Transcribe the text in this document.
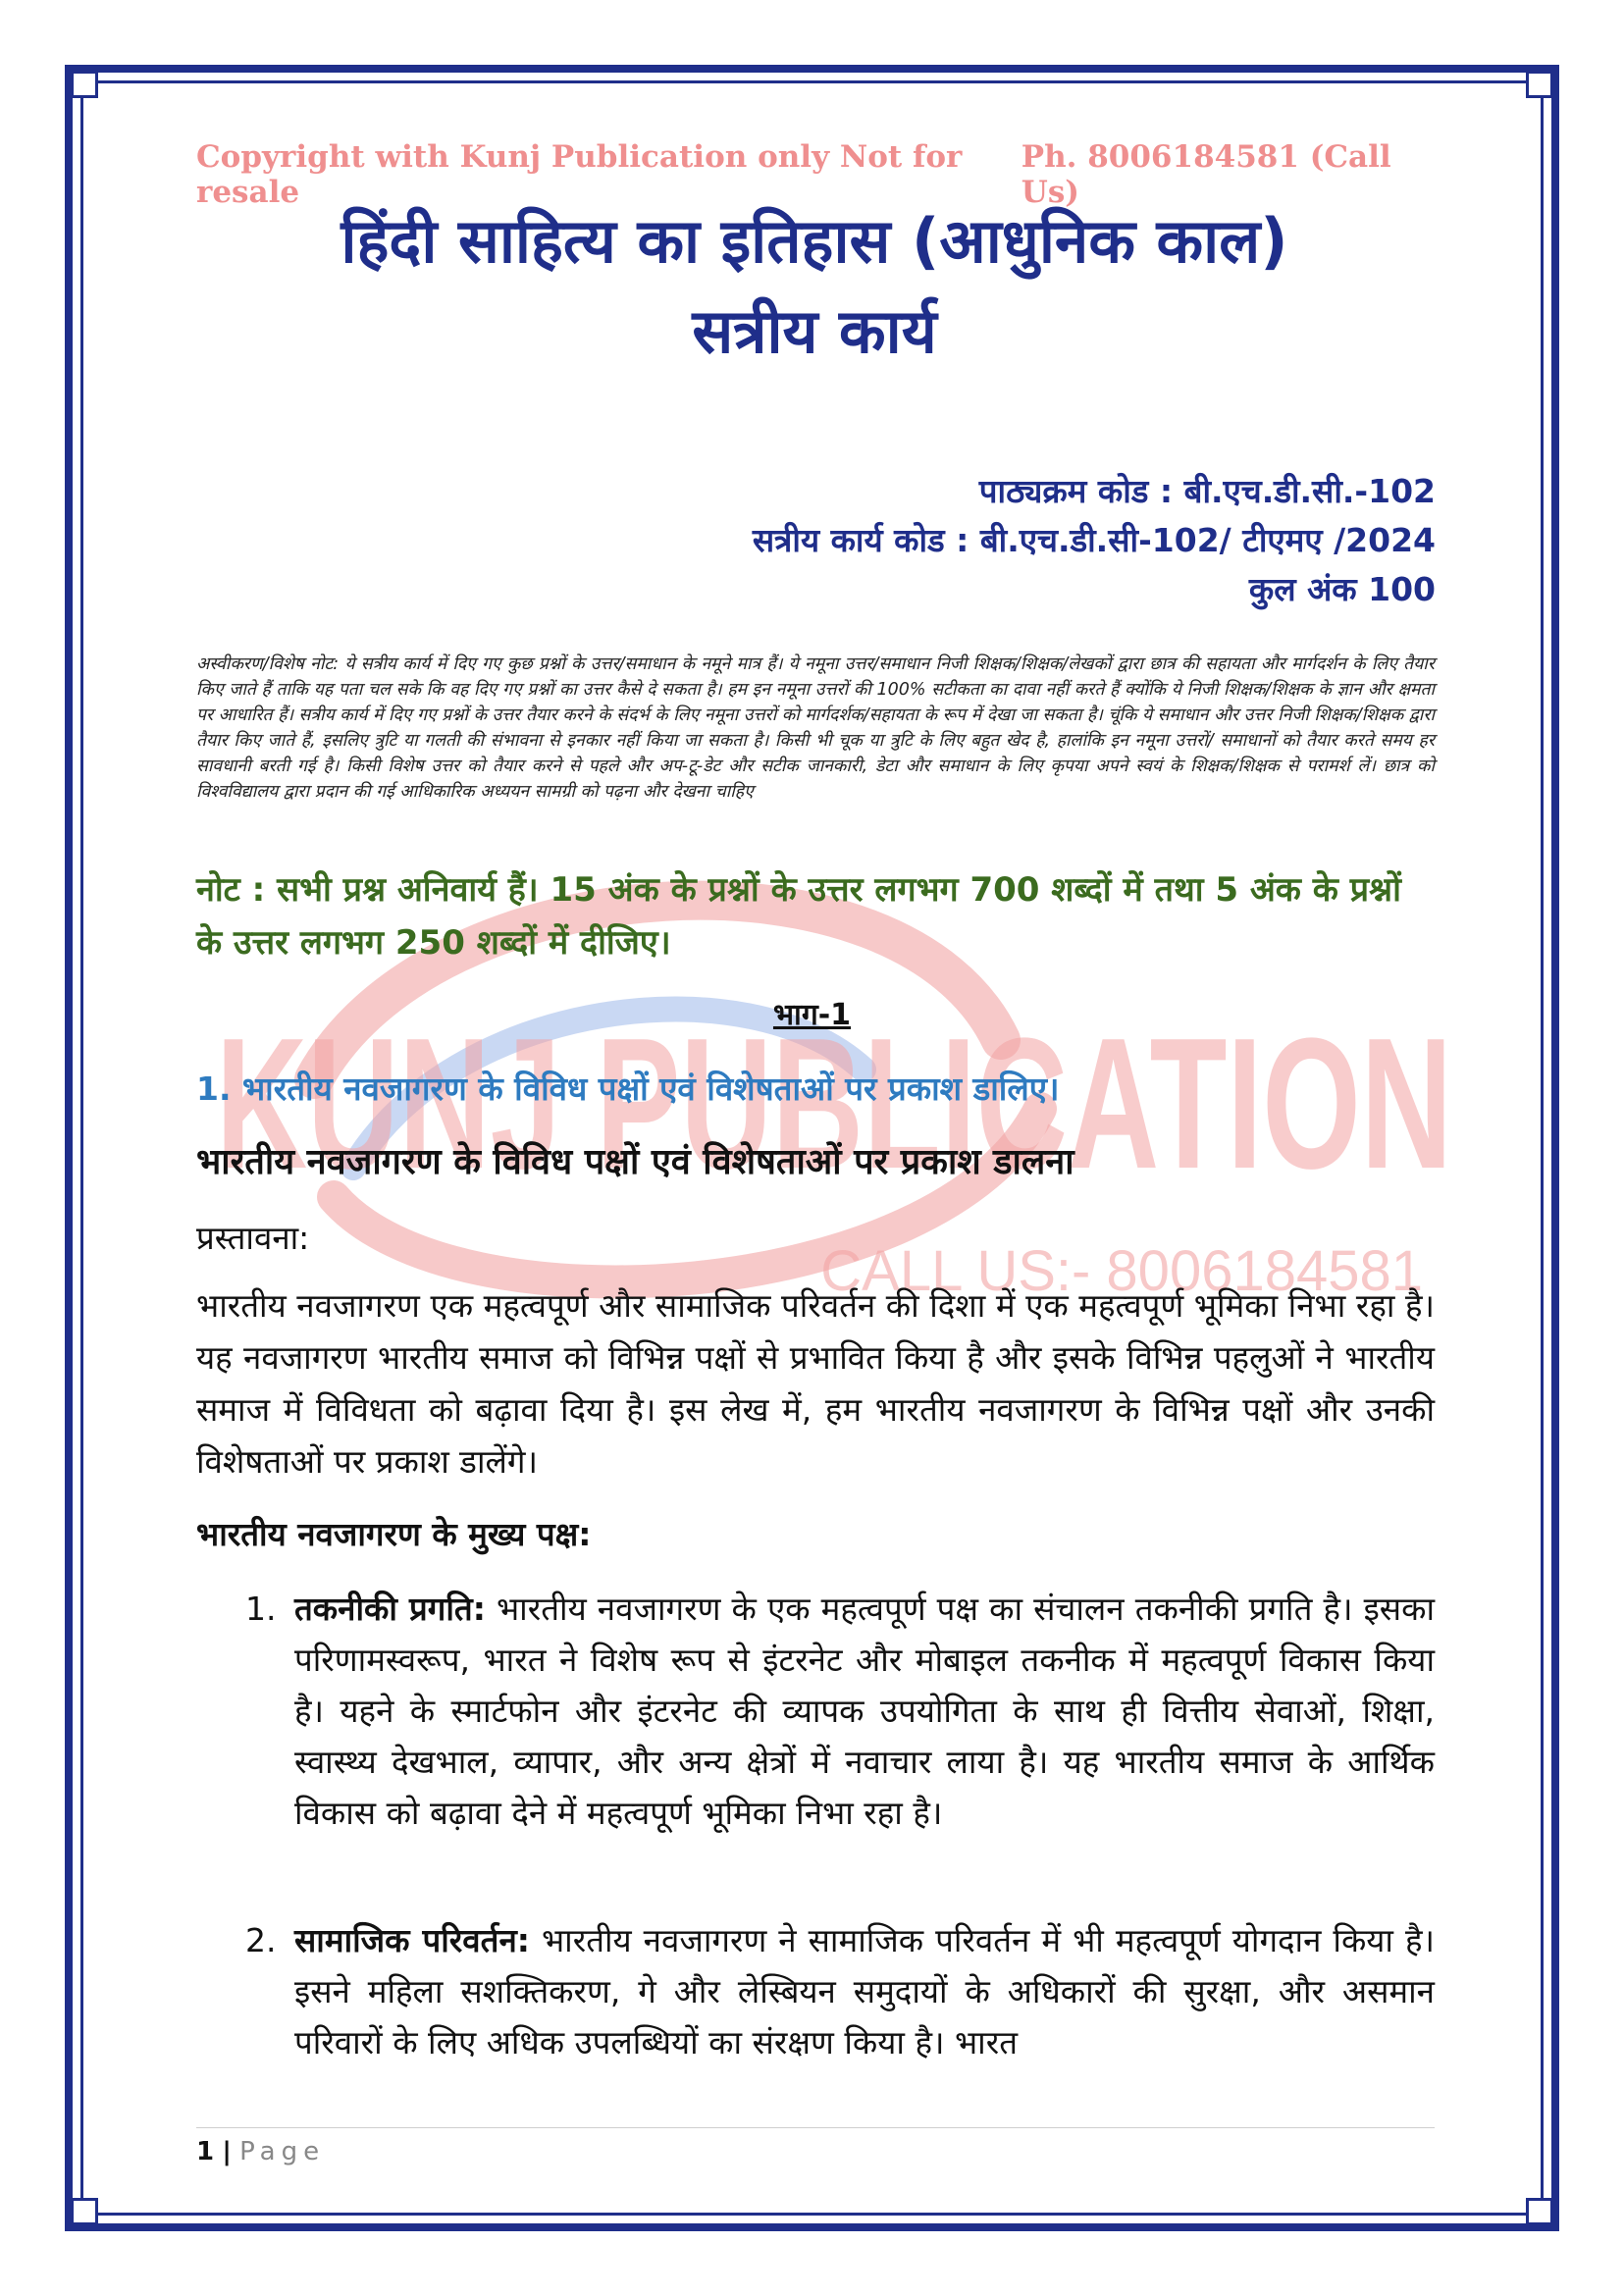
KUNJ PUBLICATION
CALL US:- 8006184581
Copyright with Kunj Publication only Not for resale
Ph. 8006184581 (Call Us)
हिंदी साहित्य का इतिहास (आधुनिक काल)
सत्रीय कार्य
पाठ्यक्रम कोड : बी.एच.डी.सी.-102
सत्रीय कार्य कोड : बी.एच.डी.सी-102/ टीएमए /2024
कुल अंक 100
अस्वीकरण/विशेष नोट: ये सत्रीय कार्य में दिए गए कुछ प्रश्नों के उत्तर/समाधान के नमूने मात्र हैं। ये नमूना उत्तर/समाधान निजी शिक्षक/शिक्षक/लेखकों द्वारा छात्र की सहायता और मार्गदर्शन के लिए तैयार किए जाते हैं ताकि यह पता चल सके कि वह दिए गए प्रश्नों का उत्तर कैसे दे सकता है। हम इन नमूना उत्तरों की 100% सटीकता का दावा नहीं करते हैं क्योंकि ये निजी शिक्षक/शिक्षक के ज्ञान और क्षमता पर आधारित हैं। सत्रीय कार्य में दिए गए प्रश्नों के उत्तर तैयार करने के संदर्भ के लिए नमूना उत्तरों को मार्गदर्शक/सहायता के रूप में देखा जा सकता है। चूंकि ये समाधान और उत्तर निजी शिक्षक/शिक्षक द्वारा तैयार किए जाते हैं, इसलिए त्रुटि या गलती की संभावना से इनकार नहीं किया जा सकता है। किसी भी चूक या त्रुटि के लिए बहुत खेद है, हालांकि इन नमूना उत्तरों/ समाधानों को तैयार करते समय हर सावधानी बरती गई है। किसी विशेष उत्तर को तैयार करने से पहले और अप-टू-डेट और सटीक जानकारी, डेटा और समाधान के लिए कृपया अपने स्वयं के शिक्षक/शिक्षक से परामर्श लें। छात्र को विश्वविद्यालय द्वारा प्रदान की गई आधिकारिक अध्ययन सामग्री को पढ़ना और देखना चाहिए
नोट : सभी प्रश्न अनिवार्य हैं। 15 अंक के प्रश्नों के उत्तर लगभग 700 शब्दों में तथा 5 अंक के प्रश्नों के उत्तर लगभग 250 शब्दों में दीजिए।
भाग-1
1. भारतीय नवजागरण के विविध पक्षों एवं विशेषताओं पर प्रकाश डालिए।
भारतीय नवजागरण के विविध पक्षों एवं विशेषताओं पर प्रकाश डालना
प्रस्तावना:
भारतीय नवजागरण एक महत्वपूर्ण और सामाजिक परिवर्तन की दिशा में एक महत्वपूर्ण भूमिका निभा रहा है। यह नवजागरण भारतीय समाज को विभिन्न पक्षों से प्रभावित किया है और इसके विभिन्न पहलुओं ने भारतीय समाज में विविधता को बढ़ावा दिया है। इस लेख में, हम भारतीय नवजागरण के विभिन्न पक्षों और उनकी विशेषताओं पर प्रकाश डालेंगे।
भारतीय नवजागरण के मुख्य पक्ष:
1. तकनीकी प्रगति: भारतीय नवजागरण के एक महत्वपूर्ण पक्ष का संचालन तकनीकी प्रगति है। इसका परिणामस्वरूप, भारत ने विशेष रूप से इंटरनेट और मोबाइल तकनीक में महत्वपूर्ण विकास किया है। यहने के स्मार्टफोन और इंटरनेट की व्यापक उपयोगिता के साथ ही वित्तीय सेवाओं, शिक्षा, स्वास्थ्य देखभाल, व्यापार, और अन्य क्षेत्रों में नवाचार लाया है। यह भारतीय समाज के आर्थिक विकास को बढ़ावा देने में महत्वपूर्ण भूमिका निभा रहा है।
2. सामाजिक परिवर्तन: भारतीय नवजागरण ने सामाजिक परिवर्तन में भी महत्वपूर्ण योगदान किया है। इसने महिला सशक्तिकरण, गे और लेस्बियन समुदायों के अधिकारों की सुरक्षा, और असमान परिवारों के लिए अधिक उपलब्धियों का संरक्षण किया है। भारत
1 | Page
